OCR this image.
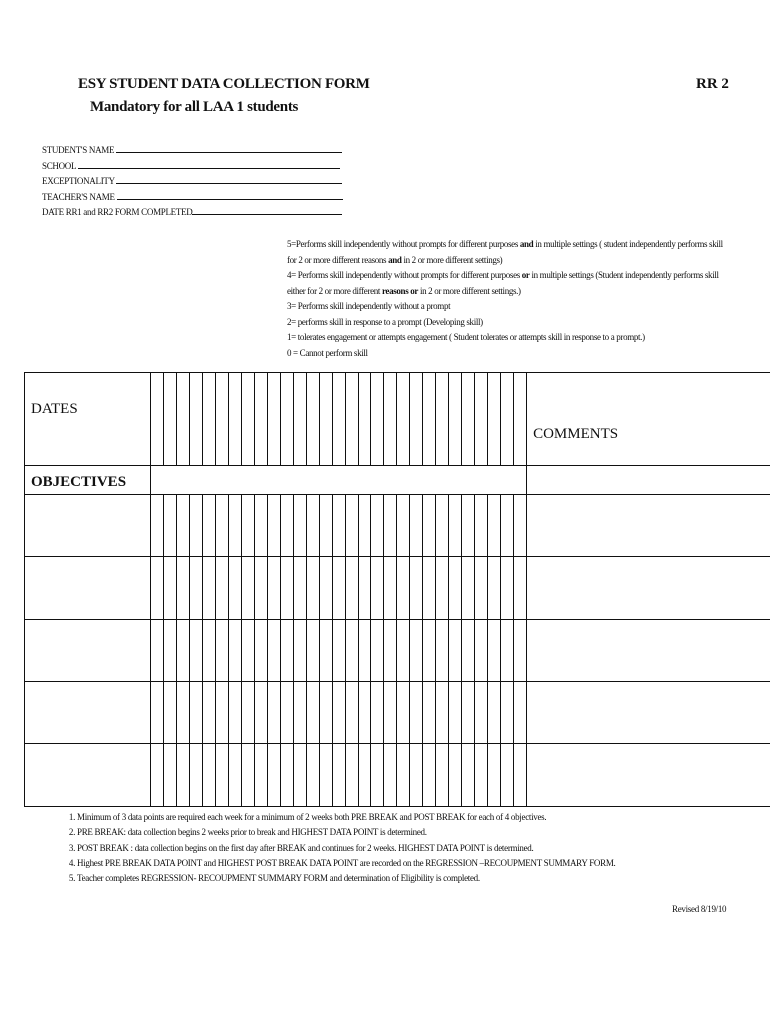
ESY STUDENT DATA COLLECTION FORM
Mandatory for all LAA 1 students
RR 2
STUDENT'S NAME
SCHOOL
EXCEPTIONALITY
TEACHER'S NAME
DATE RR1 and RR2 FORM COMPLETED
5=Performs skill independently without prompts for different purposes and in multiple settings ( student independently performs skill for 2 or more different reasons and in 2 or more different settings)
4= Performs skill independently without prompts for different purposes or in multiple settings (Student independently performs skill either for 2 or more different reasons or in 2 or more different settings.)
3= Performs skill independently without a prompt
2= performs skill in response to a prompt (Developing skill)
1= tolerates engagement or attempts engagement ( Student tolerates or attempts skill in response to a prompt.)
0 = Cannot perform skill
DATES																														COMMENTS
OBJECTIVES																														

1. Minimum of 3 data points are required each week for a minimum of 2 weeks both PRE BREAK and POST BREAK for each of 4 objectives.
2. PRE BREAK: data collection begins 2 weeks prior to break and HIGHEST DATA POINT is determined.
3. POST BREAK : data collection begins on the first day after BREAK and continues for 2 weeks. HIGHEST DATA POINT is determined.
4. Highest PRE BREAK DATA POINT and HIGHEST POST BREAK DATA POINT are recorded on the REGRESSION –RECOUPMENT SUMMARY FORM.
5. Teacher completes REGRESSION- RECOUPMENT SUMMARY FORM and determination of Eligibility is completed.
Revised 8/19/10
